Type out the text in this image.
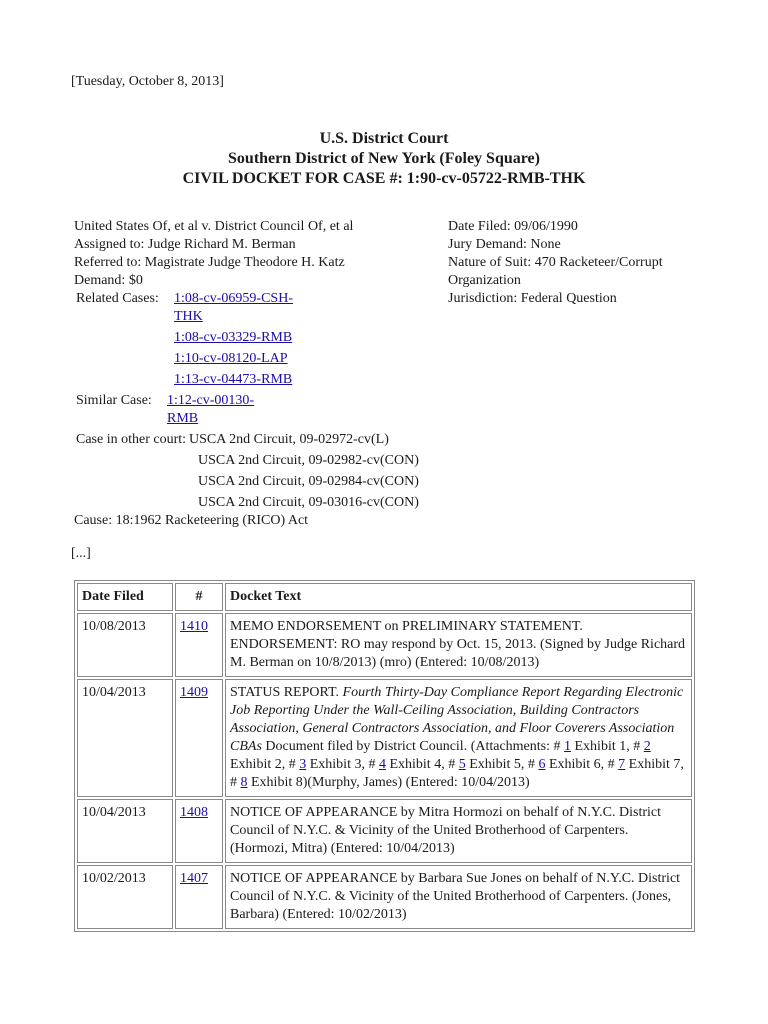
[Tuesday, October 8, 2013]
U.S. District Court
Southern District of New York (Foley Square)
CIVIL DOCKET FOR CASE #: 1:90-cv-05722-RMB-THK
United States Of, et al v. District Council Of, et al
Assigned to: Judge Richard M. Berman
Referred to: Magistrate Judge Theodore H. Katz
Demand: $0
Related Cases:	1:08-cv-06959-CSH-THK
1:08-cv-03329-RMB
1:10-cv-08120-LAP
1:13-cv-04473-RMB
Similar Case:	1:12-cv-00130-RMB
Case in other court: USCA 2nd Circuit, 09-02972-cv(L)
USCA 2nd Circuit, 09-02982-cv(CON)
USCA 2nd Circuit, 09-02984-cv(CON)
USCA 2nd Circuit, 09-03016-cv(CON)
Cause: 18:1962 Racketeering (RICO) Act
Date Filed: 09/06/1990
Jury Demand: None
Nature of Suit: 470 Racketeer/Corrupt Organization
Jurisdiction: Federal Question
[...]
Date Filed	#	Docket Text
10/08/2013	1410	MEMO ENDORSEMENT on PRELIMINARY STATEMENT. ENDORSEMENT: RO may respond by Oct. 15, 2013. (Signed by Judge Richard M. Berman on 10/8/2013) (mro) (Entered: 10/08/2013)
10/04/2013	1409	STATUS REPORT. Fourth Thirty-Day Compliance Report Regarding Electronic Job Reporting Under the Wall-Ceiling Association, Building Contractors Association, General Contractors Association, and Floor Coverers Association CBAs Document filed by District Council. (Attachments: # 1 Exhibit 1, # 2 Exhibit 2, # 3 Exhibit 3, # 4 Exhibit 4, # 5 Exhibit 5, # 6 Exhibit 6, # 7 Exhibit 7, # 8 Exhibit 8)(Murphy, James) (Entered: 10/04/2013)
10/04/2013	1408	NOTICE OF APPEARANCE by Mitra Hormozi on behalf of N.Y.C. District Council of N.Y.C. & Vicinity of the United Brotherhood of Carpenters. (Hormozi, Mitra) (Entered: 10/04/2013)
10/02/2013	1407	NOTICE OF APPEARANCE by Barbara Sue Jones on behalf of N.Y.C. District Council of N.Y.C. & Vicinity of the United Brotherhood of Carpenters. (Jones, Barbara) (Entered: 10/02/2013)
